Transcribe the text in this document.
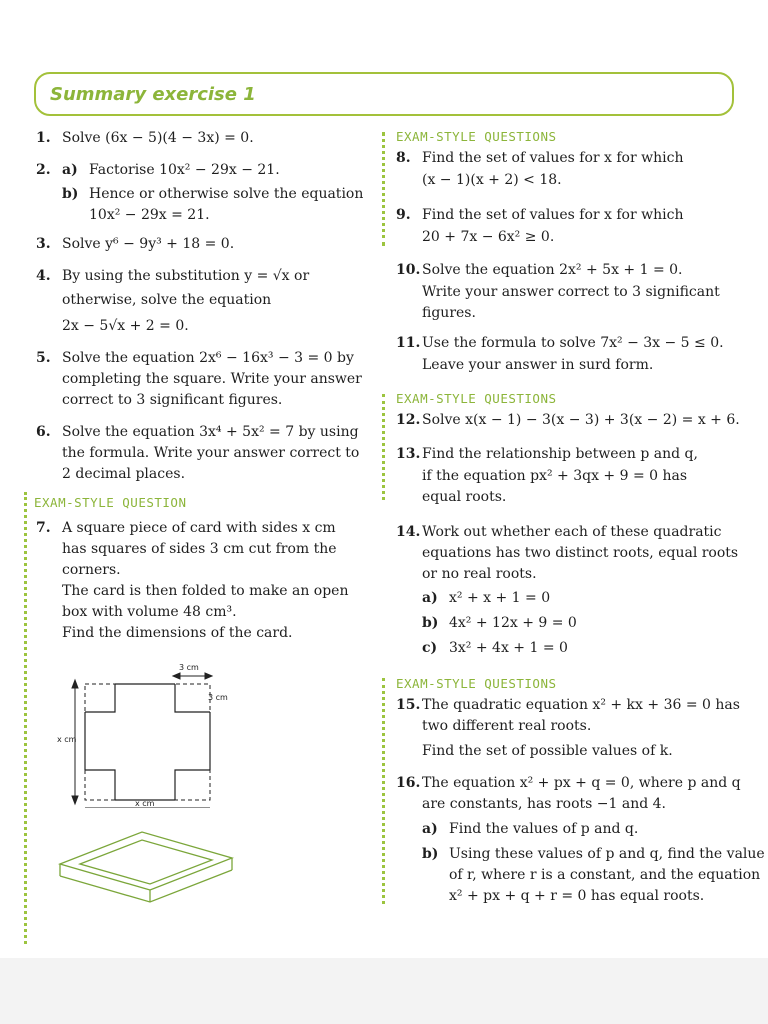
Summary exercise 1
1. Solve (6x − 5)(4 − 3x) = 0.
2. a) Factorise 10x² − 29x − 21.
b) Hence or otherwise solve the equation
10x² − 29x = 21.
3. Solve y⁶ − 9y³ + 18 = 0.
4. By using the substitution y = √x or
otherwise, solve the equation
2x − 5√x + 2 = 0.
5. Solve the equation 2x⁶ − 16x³ − 3 = 0 by
completing the square. Write your answer
correct to 3 significant figures.
6. Solve the equation 3x⁴ + 5x² = 7 by using
the formula. Write your answer correct to
2 decimal places.
EXAM-STYLE QUESTION
7. A square piece of card with sides x cm
has squares of sides 3 cm cut from the
corners.
The card is then folded to make an open
box with volume 48 cm³.
Find the dimensions of the card.
3 cm
3 cm
x cm
x cm
EXAM-STYLE QUESTIONS
8. Find the set of values for x for which
(x − 1)(x + 2) < 18.
9. Find the set of values for x for which
20 + 7x − 6x² ≥ 0.
10. Solve the equation 2x² + 5x + 1 = 0.
Write your answer correct to 3 significant
figures.
11. Use the formula to solve 7x² − 3x − 5 ≤ 0.
Leave your answer in surd form.
EXAM-STYLE QUESTIONS
12. Solve x(x − 1) − 3(x − 3) + 3(x − 2) = x + 6.
13. Find the relationship between p and q,
if the equation px² + 3qx + 9 = 0 has
equal roots.
14. Work out whether each of these quadratic
equations has two distinct roots, equal roots
or no real roots.
a) x² + x + 1 = 0
b) 4x² + 12x + 9 = 0
c) 3x² + 4x + 1 = 0
EXAM-STYLE QUESTIONS
15. The quadratic equation x² + kx + 36 = 0 has
two different real roots.
Find the set of possible values of k.
16. The equation x² + px + q = 0, where p and q
are constants, has roots −1 and 4.
a) Find the values of p and q.
b) Using these values of p and q, find the value
of r, where r is a constant, and the equation
x² + px + q + r = 0 has equal roots.
